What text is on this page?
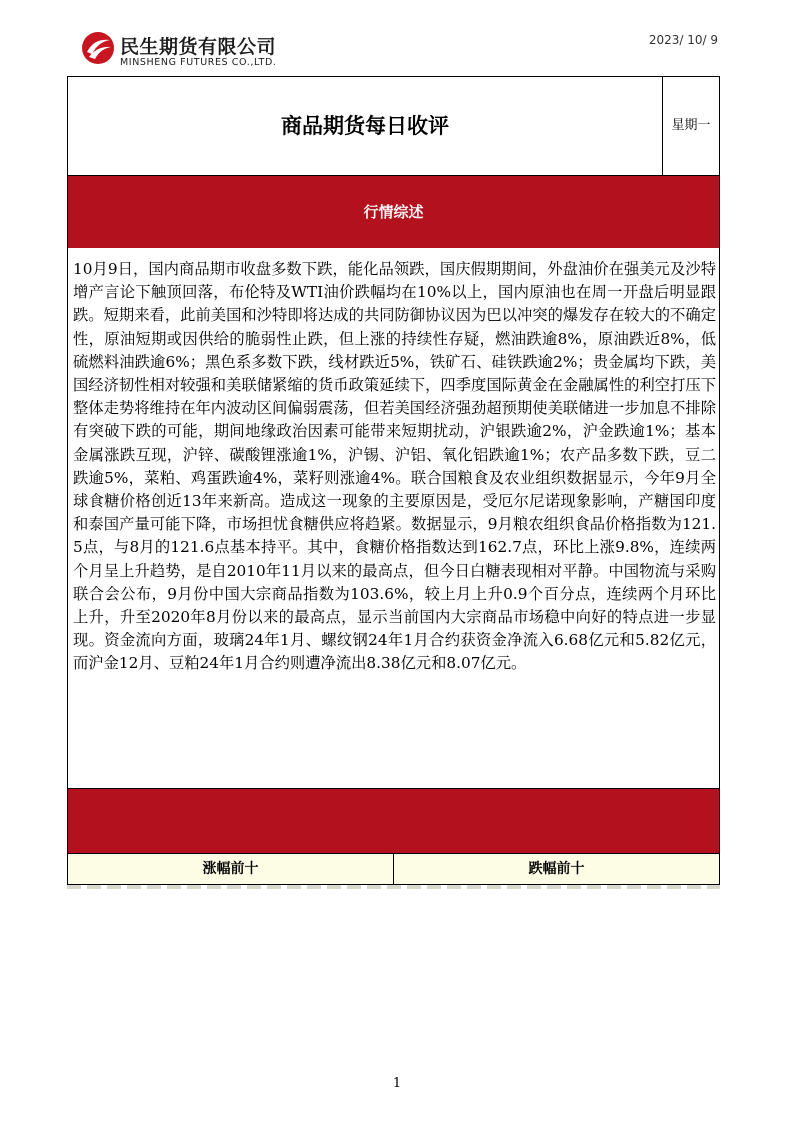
民生期货有限公司
MINSHENG FUTURES CO.,LTD.
2023/ 10/ 9
商品期货每日收评	星期一
行情综述
10月9日，国内商品期市收盘多数下跌，能化品领跌，国庆假期期间，外盘油价在强美元及沙特增产言论下触顶回落，布伦特及WTI油价跌幅均在10%以上，国内原油也在周一开盘后明显跟跌。短期来看，此前美国和沙特即将达成的共同防御协议因为巴以冲突的爆发存在较大的不确定性，原油短期或因供给的脆弱性止跌，但上涨的持续性存疑，燃油跌逾8%，原油跌近8%，低硫燃料油跌逾6%；黑色系多数下跌，线材跌近5%，铁矿石、硅铁跌逾2%；贵金属均下跌，美国经济韧性相对较强和美联储紧缩的货币政策延续下，四季度国际黄金在金融属性的利空打压下整体走势将维持在年内波动区间偏弱震荡，但若美国经济强劲超预期使美联储进一步加息不排除有突破下跌的可能，期间地缘政治因素可能带来短期扰动，沪银跌逾2%，沪金跌逾1%；基本金属涨跌互现，沪锌、碳酸锂涨逾1%，沪锡、沪铝、氧化铝跌逾1%；农产品多数下跌，豆二跌逾5%，菜粕、鸡蛋跌逾4%，菜籽则涨逾4%。联合国粮食及农业组织数据显示，今年9月全球食糖价格创近13年来新高。造成这一现象的主要原因是，受厄尔尼诺现象影响，产糖国印度和泰国产量可能下降，市场担忧食糖供应将趋紧。数据显示，9月粮农组织食品价格指数为121.5点，与8月的121.6点基本持平。其中，食糖价格指数达到162.7点，环比上涨9.8%，连续两个月呈上升趋势，是自2010年11月以来的最高点，但今日白糖表现相对平静。中国物流与采购联合会公布，9月份中国大宗商品指数为103.6%，较上月上升0.9个百分点，连续两个月环比上升，升至2020年8月份以来的最高点，显示当前国内大宗商品市场稳中向好的特点进一步显现。资金流向方面，玻璃24年1月、螺纹钢24年1月合约获资金净流入6.68亿元和5.82亿元，而沪金12月、豆粕24年1月合约则遭净流出8.38亿元和8.07亿元。
涨幅前十	跌幅前十
1
